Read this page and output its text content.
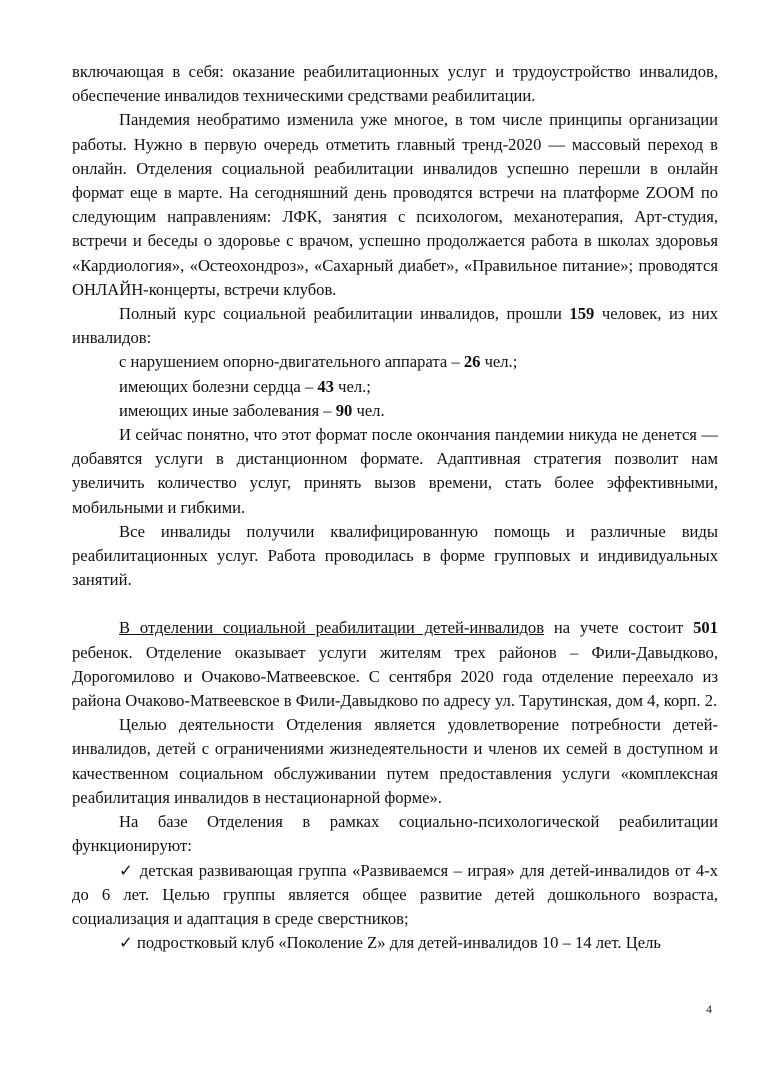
включающая в себя: оказание реабилитационных услуг и трудоустройство инвалидов, обеспечение инвалидов техническими средствами реабилитации.

Пандемия необратимо изменила уже многое, в том числе принципы организации работы. Нужно в первую очередь отметить главный тренд-2020 — массовый переход в онлайн. Отделения социальной реабилитации инвалидов успешно перешли в онлайн формат еще в марте. На сегодняшний день проводятся встречи на платформе ZOOM по следующим направлениям: ЛФК, занятия с психологом, механотерапия, Арт-студия, встречи и беседы о здоровье с врачом, успешно продолжается работа в школах здоровья «Кардиология», «Остеохондроз», «Сахарный диабет», «Правильное питание»; проводятся ОНЛАЙН-концерты, встречи клубов.

Полный курс социальной реабилитации инвалидов, прошли 159 человек, из них инвалидов:

с нарушением опорно-двигательного аппарата – 26 чел.;

имеющих болезни сердца – 43 чел.;

имеющих иные заболевания – 90 чел.

И сейчас понятно, что этот формат после окончания пандемии никуда не денется — добавятся услуги в дистанционном формате. Адаптивная стратегия позволит нам увеличить количество услуг, принять вызов времени, стать более эффективными, мобильными и гибкими.

Все инвалиды получили квалифицированную помощь и различные виды реабилитационных услуг. Работа проводилась в форме групповых и индивидуальных занятий.

В отделении социальной реабилитации детей-инвалидов на учете состоит 501 ребенок. Отделение оказывает услуги жителям трех районов – Фили-Давыдково, Дорогомилово и Очаково-Матвеевское. С сентября 2020 года отделение переехало из района Очаково-Матвеевское в Фили-Давыдково по адресу ул. Тарутинская, дом 4, корп. 2.

Целью деятельности Отделения является удовлетворение потребности детей-инвалидов, детей с ограничениями жизнедеятельности и членов их семей в доступном и качественном социальном обслуживании путем предоставления услуги «комплексная реабилитация инвалидов в нестационарной форме».

На базе Отделения в рамках социально-психологической реабилитации функционируют:

✓ детская развивающая группа «Развиваемся – играя» для детей-инвалидов от 4-х до 6 лет. Целью группы является общее развитие детей дошкольного возраста, социализация и адаптация в среде сверстников;

✓ подростковый клуб «Поколение Z» для детей-инвалидов 10 – 14 лет. Цель

4
